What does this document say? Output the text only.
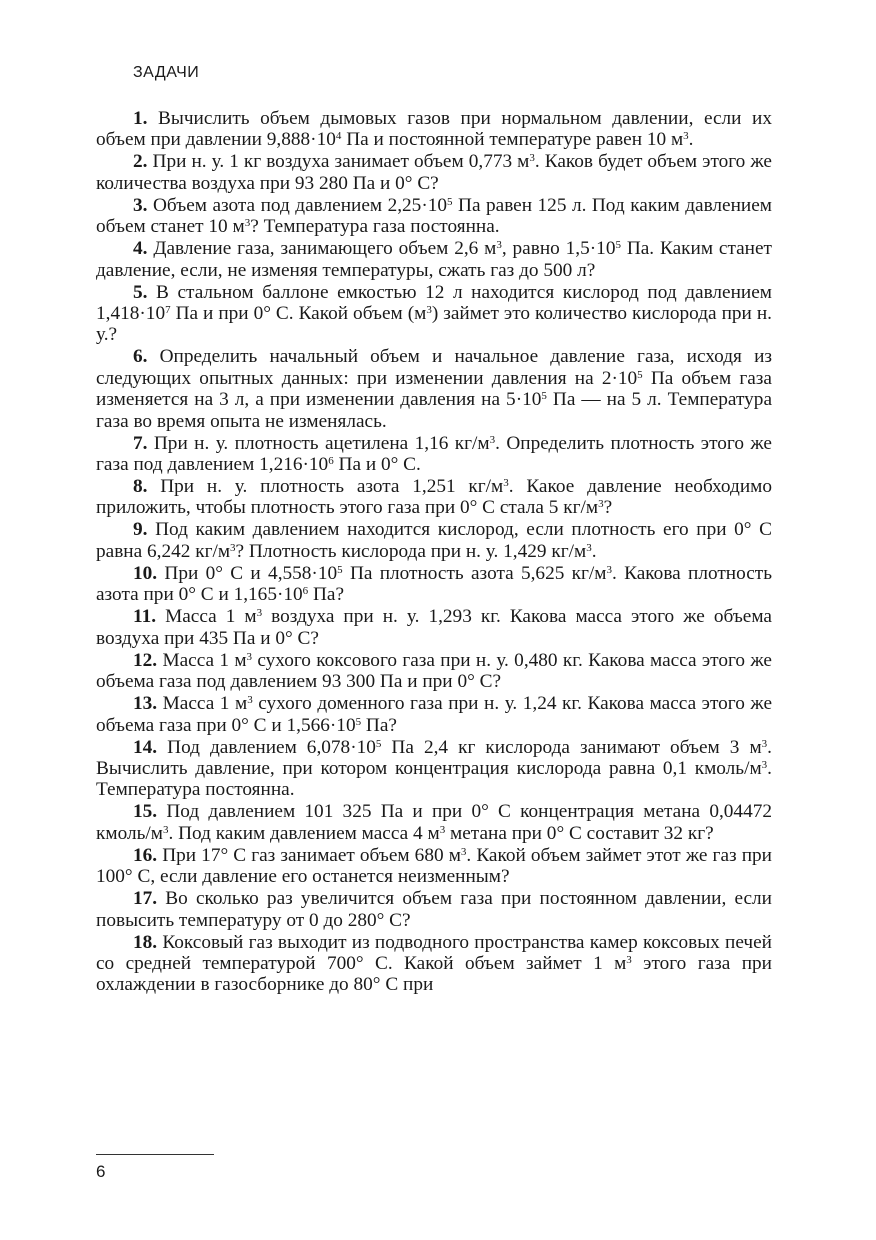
ЗАДАЧИ
1. Вычислить объем дымовых газов при нормальном давлении, если их объем при давлении $9,888\cdot 10^4$ Па и постоянной температуре равен 10 $м^3$.
2. При н. у. 1 кг воздуха занимает объем 0,773 $м^3$. Каков будет объем этого же количества воздуха при 93 280 Па и 0° С?
3. Объем азота под давлением $2,25\cdot 10^5$ Па равен 125 л. Под каким давлением объем станет 10 $м^3$? Температура газа постоянна.
4. Давление газа, занимающего объем 2,6 $м^3$, равно $1,5\cdot 10^5$ Па. Каким станет давление, если, не изменяя температуры, сжать газ до 500 л?
5. В стальном баллоне емкостью 12 л находится кислород под давлением $1,418\cdot 10^7$ Па и при 0° С. Какой объем $(м^3)$ займет это количество кислорода при н. у.?
6. Определить начальный объем и начальное давление газа, исходя из следующих опытных данных: при изменении давления на $2\cdot 10^5$ Па объем газа изменяется на 3 л, а при изменении давления на $5\cdot 10^5$ Па — на 5 л. Температура газа во время опыта не изменялась.
7. При н. у. плотность ацетилена 1,16 $кг/м^3$. Определить плотность этого же газа под давлением $1,216\cdot 10^6$ Па и 0° С.
8. При н. у. плотность азота 1,251 $кг/м^3$. Какое давление необходимо приложить, чтобы плотность этого газа при 0° С стала 5 $кг/м^3$?
9. Под каким давлением находится кислород, если плотность его при 0° С равна 6,242 $кг/м^3$? Плотность кислорода при н. у. 1,429 $кг/м^3$.
10. При 0° С и $4,558\cdot 10^5$ Па плотность азота 5,625 $кг/м^3$. Какова плотность азота при 0° С и $1,165\cdot 10^6$ Па?
11. Масса 1 $м^3$ воздуха при н. у. 1,293 кг. Какова масса этого же объема воздуха при 435 Па и 0° С?
12. Масса 1 $м^3$ сухого коксового газа при н. у. 0,480 кг. Какова масса этого же объема газа под давлением 93 300 Па и при 0° С?
13. Масса 1 $м^3$ сухого доменного газа при н. у. 1,24 кг. Какова масса этого же объема газа при 0° С и $1,566\cdot 10^5$ Па?
14. Под давлением $6,078\cdot 10^5$ Па 2,4 кг кислорода занимают объем 3 $м^3$. Вычислить давление, при котором концентрация кислорода равна 0,1 кмоль/$м^3$. Температура постоянна.
15. Под давлением 101 325 Па и при 0° С концентрация метана 0,04472 кмоль/$м^3$. Под каким давлением масса 4 $м^3$ метана при 0° С составит 32 кг?
16. При 17° С газ занимает объем 680 $м^3$. Какой объем займет этот же газ при 100° С, если давление его останется неизменным?
17. Во сколько раз увеличится объем газа при постоянном давлении, если повысить температуру от 0 до 280° С?
18. Коксовый газ выходит из подводного пространства камер коксовых печей со средней температурой 700° С. Какой объем займет 1 $м^3$ этого газа при охлаждении в газосборнике до 80° С при
6
